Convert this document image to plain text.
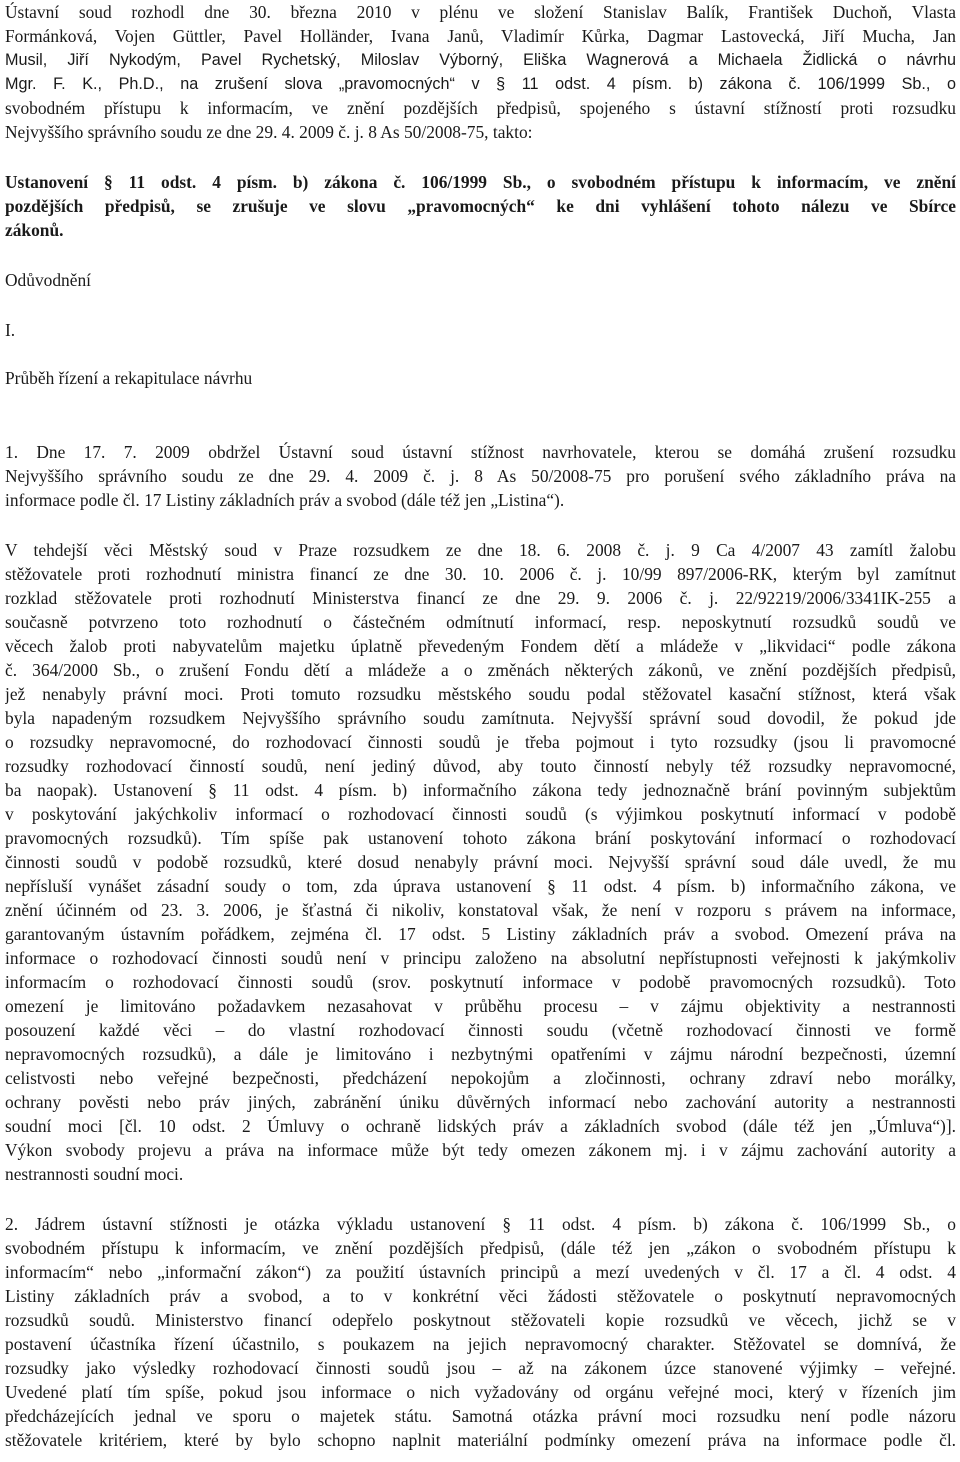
Ústavní soud rozhodl dne 30. března 2010 v plénu ve složení Stanislav Balík, František Duchoň, Vlasta
Formánková, Vojen Güttler, Pavel Holländer, Ivana Janů, Vladimír Kůrka, Dagmar Lastovecká, Jiří Mucha, Jan
Musil, Jiří Nykodým, Pavel Rychetský, Miloslav Výborný, Eliška Wagnerová a Michaela Židlická o návrhu
Mgr. F. K., Ph.D., na zrušení slova „pravomocných“ v § 11 odst. 4 písm. b) zákona č. 106/1999 Sb., o
svobodném přístupu k informacím, ve znění pozdějších předpisů, spojeného s ústavní stížností proti rozsudku
Nejvyššího správního soudu ze dne 29. 4. 2009 č. j. 8 As 50/2008-75, takto:
Ustanovení § 11 odst. 4 písm. b) zákona č. 106/1999 Sb., o svobodném přístupu k informacím, ve znění
pozdějších předpisů, se zrušuje ve slovu „pravomocných“ ke dni vyhlášení tohoto nálezu ve Sbírce
zákonů.
Odůvodnění
I.
Průběh řízení a rekapitulace návrhu
1. Dne 17. 7. 2009 obdržel Ústavní soud ústavní stížnost navrhovatele, kterou se domáhá zrušení rozsudku
Nejvyššího správního soudu ze dne 29. 4. 2009 č. j. 8 As 50/2008-75 pro porušení svého základního práva na
informace podle čl. 17 Listiny základních práv a svobod (dále též jen „Listina“).
V tehdejší věci Městský soud v Praze rozsudkem ze dne 18. 6. 2008 č. j. 9 Ca 4/2007 43 zamítl žalobu
stěžovatele proti rozhodnutí ministra financí ze dne 30. 10. 2006 č. j. 10/99 897/2006-RK, kterým byl zamítnut
rozklad stěžovatele proti rozhodnutí Ministerstva financí ze dne 29. 9. 2006 č. j. 22/92219/2006/3341IK-255 a
současně potvrzeno toto rozhodnutí o částečném odmítnutí informací, resp. neposkytnutí rozsudků soudů ve
věcech žalob proti nabyvatelům majetku úplatně převedeným Fondem dětí a mládeže v „likvidaci“ podle zákona
č. 364/2000 Sb., o zrušení Fondu dětí a mládeže a o změnách některých zákonů, ve znění pozdějších předpisů,
jež nenabyly právní moci. Proti tomuto rozsudku městského soudu podal stěžovatel kasační stížnost, která však
byla napadeným rozsudkem Nejvyššího správního soudu zamítnuta. Nejvyšší správní soud dovodil, že pokud jde
o rozsudky nepravomocné, do rozhodovací činnosti soudů je třeba pojmout i tyto rozsudky (jsou li pravomocné
rozsudky rozhodovací činností soudů, není jediný důvod, aby touto činností nebyly též rozsudky nepravomocné,
ba naopak). Ustanovení § 11 odst. 4 písm. b) informačního zákona tedy jednoznačně brání povinným subjektům
v poskytování jakýchkoliv informací o rozhodovací činnosti soudů (s výjimkou poskytnutí informací v podobě
pravomocných rozsudků). Tím spíše pak ustanovení tohoto zákona brání poskytování informací o rozhodovací
činnosti soudů v podobě rozsudků, které dosud nenabyly právní moci. Nejvyšší správní soud dále uvedl, že mu
nepřísluší vynášet zásadní soudy o tom, zda úprava ustanovení § 11 odst. 4 písm. b) informačního zákona, ve
znění účinném od 23. 3. 2006, je šťastná či nikoliv, konstatoval však, že není v rozporu s právem na informace,
garantovaným ústavním pořádkem, zejména čl. 17 odst. 5 Listiny základních práv a svobod. Omezení práva na
informace o rozhodovací činnosti soudů není v principu založeno na absolutní nepřístupnosti veřejnosti k jakýmkoliv
informacím o rozhodovací činnosti soudů (srov. poskytnutí informace v podobě pravomocných rozsudků). Toto
omezení je limitováno požadavkem nezasahovat v průběhu procesu – v zájmu objektivity a nestrannosti
posouzení každé věci – do vlastní rozhodovací činnosti soudu (včetně rozhodovací činnosti ve formě
nepravomocných rozsudků), a dále je limitováno i nezbytnými opatřeními v zájmu národní bezpečnosti, územní
celistvosti nebo veřejné bezpečnosti, předcházení nepokojům a zločinnosti, ochrany zdraví nebo morálky,
ochrany pověsti nebo práv jiných, zabránění úniku důvěrných informací nebo zachování autority a nestrannosti
soudní moci [čl. 10 odst. 2 Úmluvy o ochraně lidských práv a základních svobod (dále též jen „Úmluva“)].
Výkon svobody projevu a práva na informace může být tedy omezen zákonem mj. i v zájmu zachování autority a
nestrannosti soudní moci.
2. Jádrem ústavní stížnosti je otázka výkladu ustanovení § 11 odst. 4 písm. b) zákona č. 106/1999 Sb., o
svobodném přístupu k informacím, ve znění pozdějších předpisů, (dále též jen „zákon o svobodném přístupu k
informacím“ nebo „informační zákon“) za použití ústavních principů a mezí uvedených v čl. 17 a čl. 4 odst. 4
Listiny základních práv a svobod, a to v konkrétní věci žádosti stěžovatele o poskytnutí nepravomocných
rozsudků soudů. Ministerstvo financí odepřelo poskytnout stěžovateli kopie rozsudků ve věcech, jichž se v
postavení účastníka řízení účastnilo, s poukazem na jejich nepravomocný charakter. Stěžovatel se domnívá, že
rozsudky jako výsledky rozhodovací činnosti soudů jsou – až na zákonem úzce stanovené výjimky – veřejné.
Uvedené platí tím spíše, pokud jsou informace o nich vyžadovány od orgánu veřejné moci, který v řízeních jim
předcházejících jednal ve sporu o majetek státu. Samotná otázka právní moci rozsudku není podle názoru
stěžovatele kritériem, které by bylo schopno naplnit materiální podmínky omezení práva na informace podle čl.
